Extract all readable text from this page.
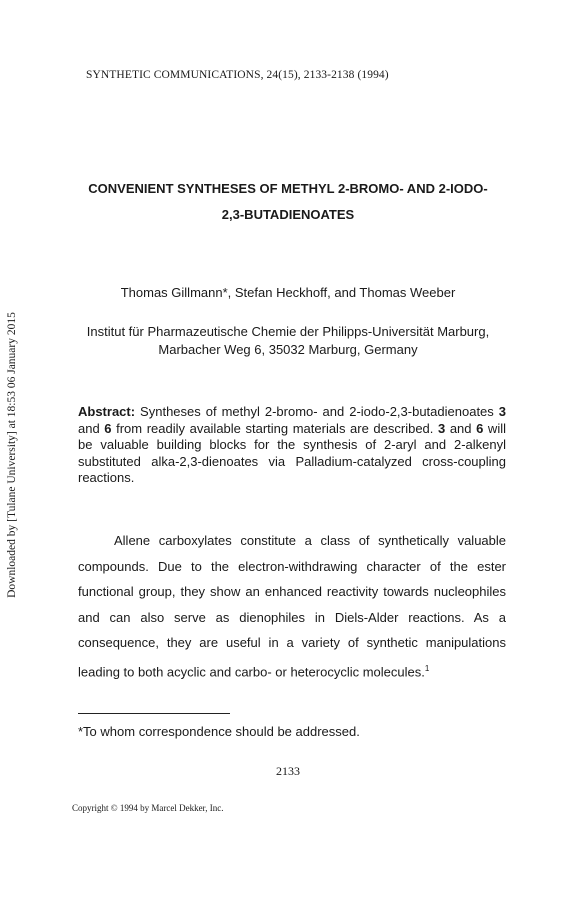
SYNTHETIC COMMUNICATIONS, 24(15), 2133-2138 (1994)
Downloaded by [Tulane University] at 18:53 06 January 2015
CONVENIENT SYNTHESES OF METHYL 2-BROMO- AND 2-IODO-
2,3-BUTADIENOATES
Thomas Gillmann*, Stefan Heckhoff, and Thomas Weeber
Institut für Pharmazeutische Chemie der Philipps-Universität Marburg,
Marbacher Weg 6, 35032 Marburg, Germany
Abstract: Syntheses of methyl 2-bromo- and 2-iodo-2,3-butadienoates 3 and 6 from readily available starting materials are described. 3 and 6 will be valuable building blocks for the synthesis of 2-aryl and 2-alkenyl substituted alka-2,3-dienoates via Palladium-catalyzed cross-coupling reactions.
Allene carboxylates constitute a class of synthetically valuable compounds. Due to the electron-withdrawing character of the ester functional group, they show an enhanced reactivity towards nucleophiles and can also serve as dienophiles in Diels-Alder reactions. As a consequence, they are useful in a variety of synthetic manipulations leading to both acyclic and carbo- or heterocyclic molecules.$^1$
*To whom correspondence should be addressed.
2133
Copyright © 1994 by Marcel Dekker, Inc.
